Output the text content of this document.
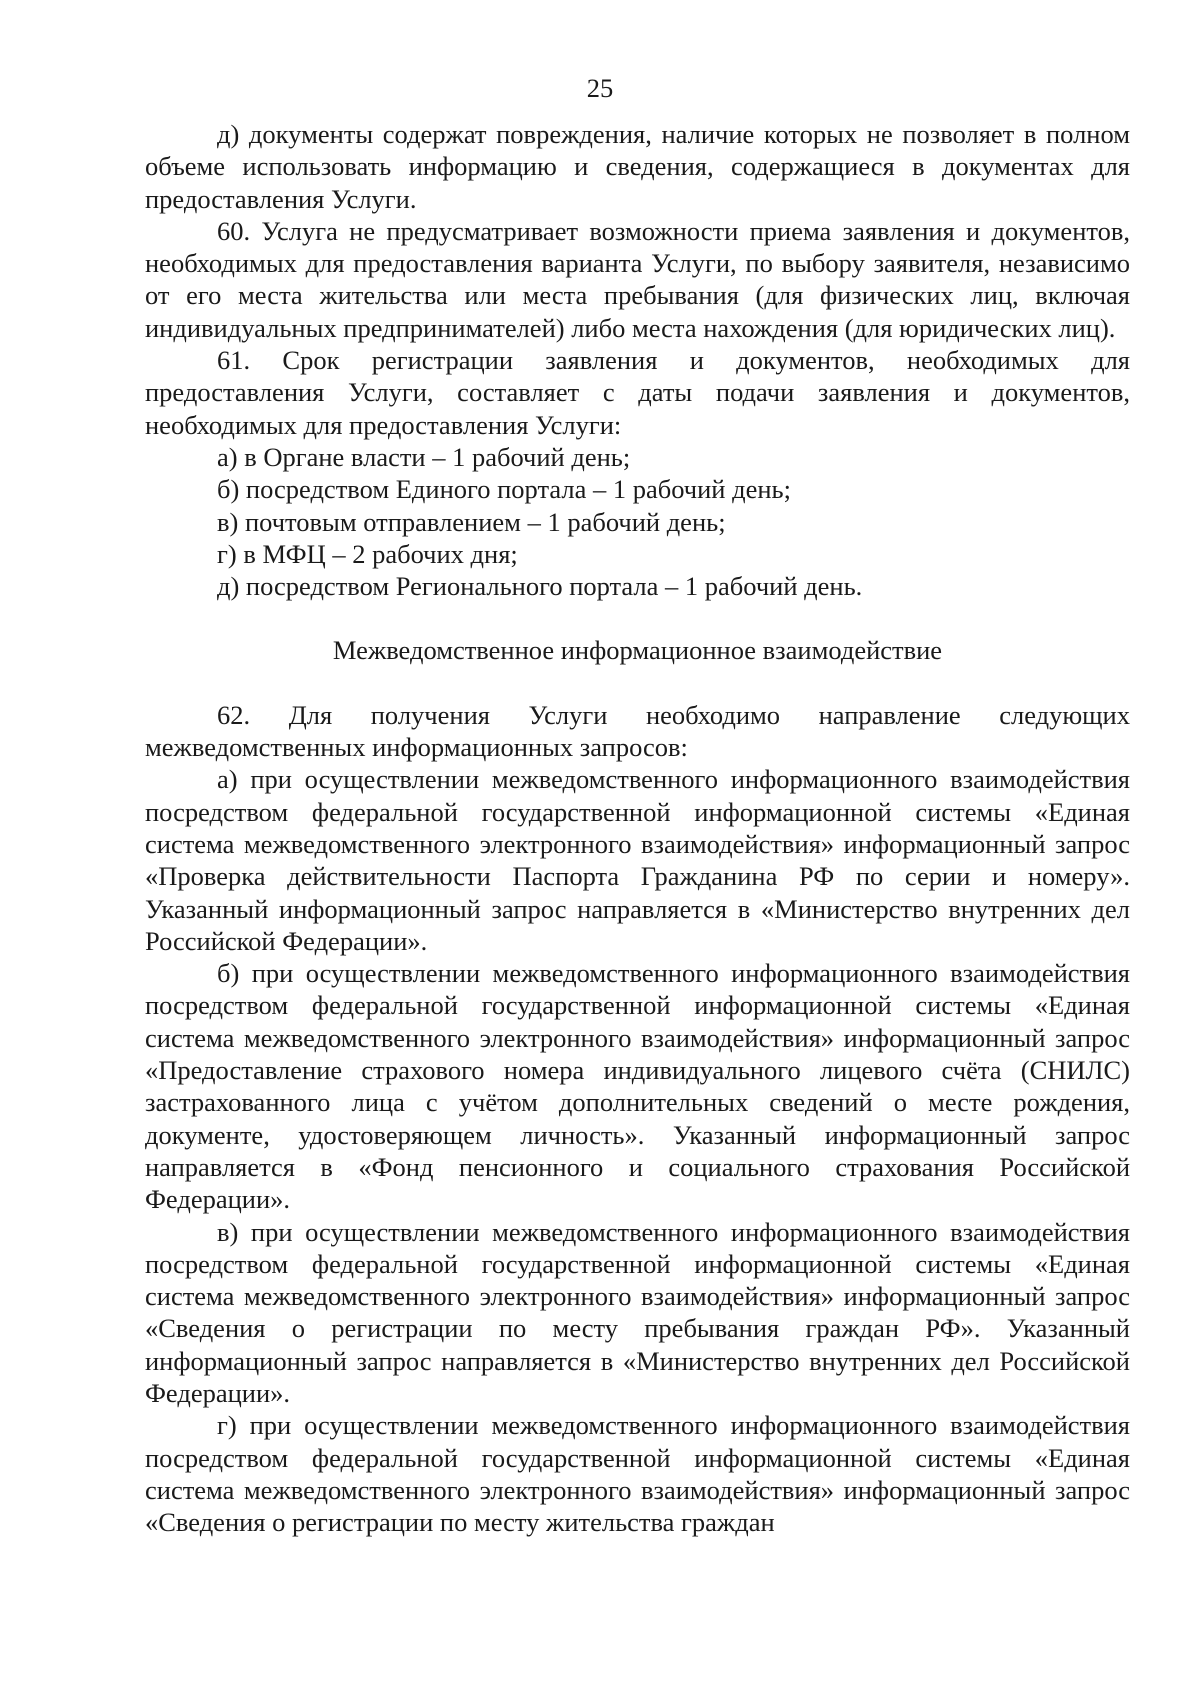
25

д) документы содержат повреждения, наличие которых не позволяет в полном объеме использовать информацию и сведения, содержащиеся в документах для предоставления Услуги.

60. Услуга не предусматривает возможности приема заявления и документов, необходимых для предоставления варианта Услуги, по выбору заявителя, независимо от его места жительства или места пребывания (для физических лиц, включая индивидуальных предпринимателей) либо места нахождения (для юридических лиц).

61. Срок регистрации заявления и документов, необходимых для предоставления Услуги, составляет с даты подачи заявления и документов, необходимых для предоставления Услуги:

а) в Органе власти – 1 рабочий день;

б) посредством Единого портала – 1 рабочий день;

в) почтовым отправлением – 1 рабочий день;

г) в МФЦ – 2 рабочих дня;

д) посредством Регионального портала – 1 рабочий день.

Межведомственное информационное взаимодействие

62. Для получения Услуги необходимо направление следующих межведомственных информационных запросов:

а) при осуществлении межведомственного информационного взаимодействия посредством федеральной государственной информационной системы «Единая система межведомственного электронного взаимодействия» информационный запрос «Проверка действительности Паспорта Гражданина РФ по серии и номеру». Указанный информационный запрос направляется в «Министерство внутренних дел Российской Федерации».

б) при осуществлении межведомственного информационного взаимодействия посредством федеральной государственной информационной системы «Единая система межведомственного электронного взаимодействия» информационный запрос «Предоставление страхового номера индивидуального лицевого счёта (СНИЛС) застрахованного лица с учётом дополнительных сведений о месте рождения, документе, удостоверяющем личность». Указанный информационный запрос направляется в «Фонд пенсионного и социального страхования Российской Федерации».

в) при осуществлении межведомственного информационного взаимодействия посредством федеральной государственной информационной системы «Единая система межведомственного электронного взаимодействия» информационный запрос «Сведения о регистрации по месту пребывания граждан РФ». Указанный информационный запрос направляется в «Министерство внутренних дел Российской Федерации».

г) при осуществлении межведомственного информационного взаимодействия посредством федеральной государственной информационной системы «Единая система межведомственного электронного взаимодействия» информационный запрос «Сведения о регистрации по месту жительства граждан
